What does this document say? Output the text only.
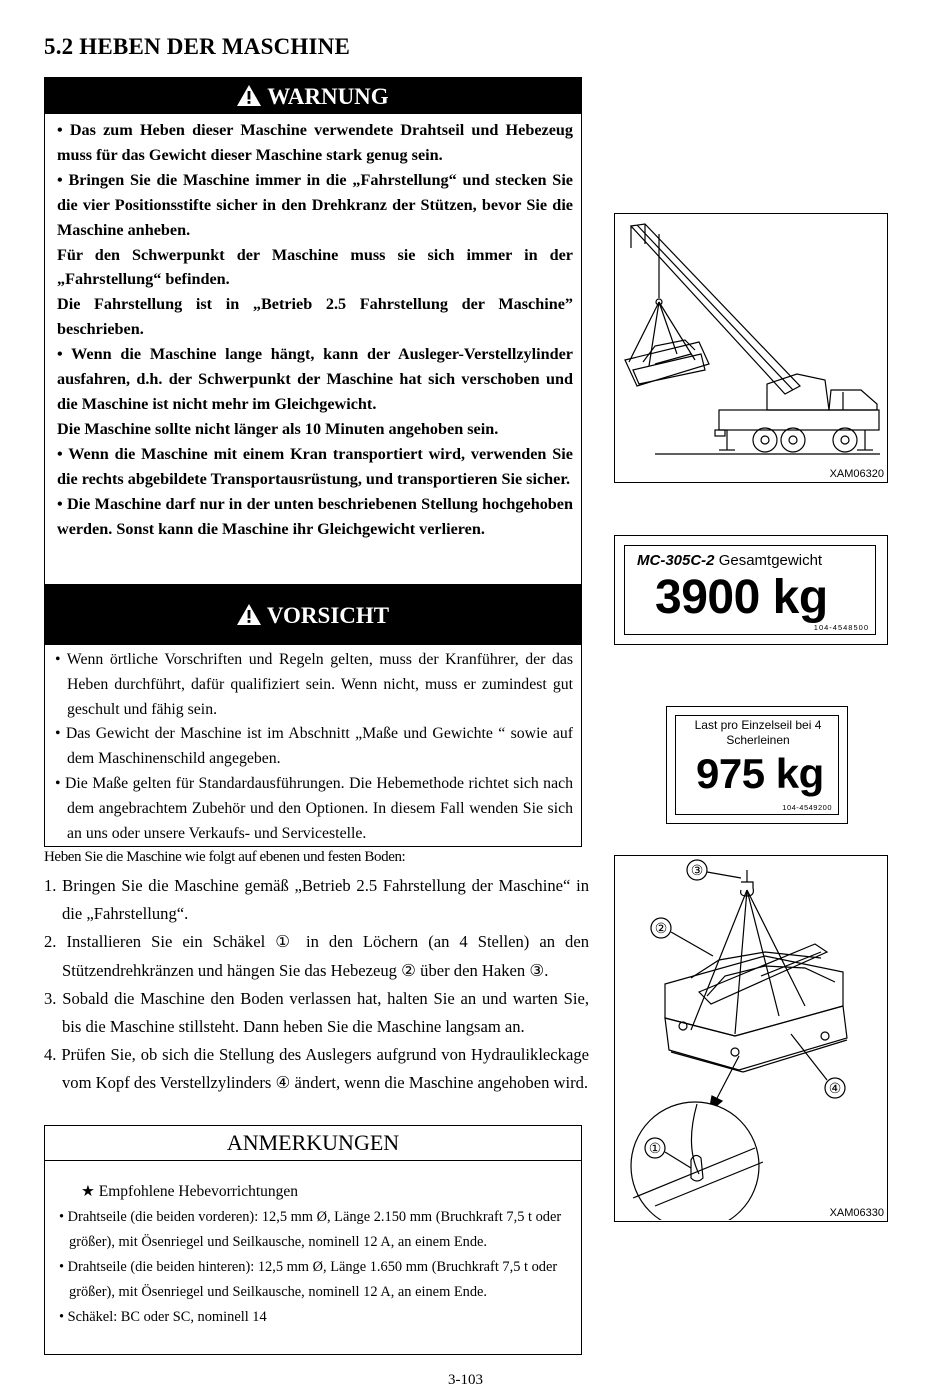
5.2 HEBEN DER MASCHINE
WARNUNG

• Das zum Heben dieser Maschine verwendete Drahtseil und Hebezeug muss für das Gewicht dieser Maschine stark genug sein.

• Bringen Sie die Maschine immer in die „Fahrstellung“ und stecken Sie die vier Positionsstifte sicher in den Drehkranz der Stützen, bevor Sie die Maschine anheben.

Für den Schwerpunkt der Maschine muss sie sich immer in der „Fahrstellung“ befinden.

Die Fahrstellung ist in „Betrieb 2.5 Fahrstellung der Maschine” beschrieben.

• Wenn die Maschine lange hängt, kann der Ausleger-Verstellzylinder ausfahren, d.h. der Schwerpunkt der Maschine hat sich verschoben und die Maschine ist nicht mehr im Gleichgewicht.

Die Maschine sollte nicht länger als 10 Minuten angehoben sein.

• Wenn die Maschine mit einem Kran transportiert wird, verwenden Sie die rechts abgebildete Transportausrüstung, und transportieren Sie sicher.

• Die Maschine darf nur in der unten beschriebenen Stellung hochgehoben werden. Sonst kann die Maschine ihr Gleichgewicht verlieren.

VORSICHT

• Wenn örtliche Vorschriften und Regeln gelten, muss der Kranführer, der das Heben durchführt, dafür qualifiziert sein. Wenn nicht, muss er zumindest gut geschult und fähig sein.

• Das Gewicht der Maschine ist im Abschnitt „Maße und Gewichte “ sowie auf dem Maschinenschild angegeben.

• Die Maße gelten für Standardausführungen. Die Hebemethode richtet sich nach dem angebrachtem Zubehör und den Optionen. In diesem Fall wenden Sie sich an uns oder unsere Verkaufs- und Servicestelle.

Heben Sie die Maschine wie folgt auf ebenen und festen Boden:

1. Bringen Sie die Maschine gemäß „Betrieb 2.5 Fahrstellung der Maschine“ in die „Fahrstellung“.

2. Installieren Sie ein Schäkel ① in den Löchern (an 4 Stellen) an den Stützendrehkränzen und hängen Sie das Hebezeug ② über den Haken ③.

3. Sobald die Maschine den Boden verlassen hat, halten Sie an und warten Sie, bis die Maschine stillsteht. Dann heben Sie die Maschine langsam an.

4. Prüfen Sie, ob sich die Stellung des Auslegers aufgrund von Hydraulikleckage vom Kopf des Verstellzylinders ④ ändert, wenn die Maschine angehoben wird.

ANMERKUNGEN
★ Empfohlene Hebevorrichtungen

• Drahtseile (die beiden vorderen): 12,5 mm Ø, Länge 2.150 mm (Bruchkraft 7,5 t oder größer), mit Ösenriegel und Seilkausche, nominell 12 A, an einem Ende.

• Drahtseile (die beiden hinteren): 12,5 mm Ø, Länge 1.650 mm (Bruchkraft 7,5 t oder größer), mit Ösenriegel und Seilkausche, nominell 12 A, an einem Ende.

• Schäkel: BC oder SC, nominell 14

3-103
XAM06320
MC-305C-2 Gesamtgewicht
3900 kg
104-4548500
Last pro Einzelseil bei 4 Scherleinen
975 kg
104-4549200
③
②
④
①
XAM06330
